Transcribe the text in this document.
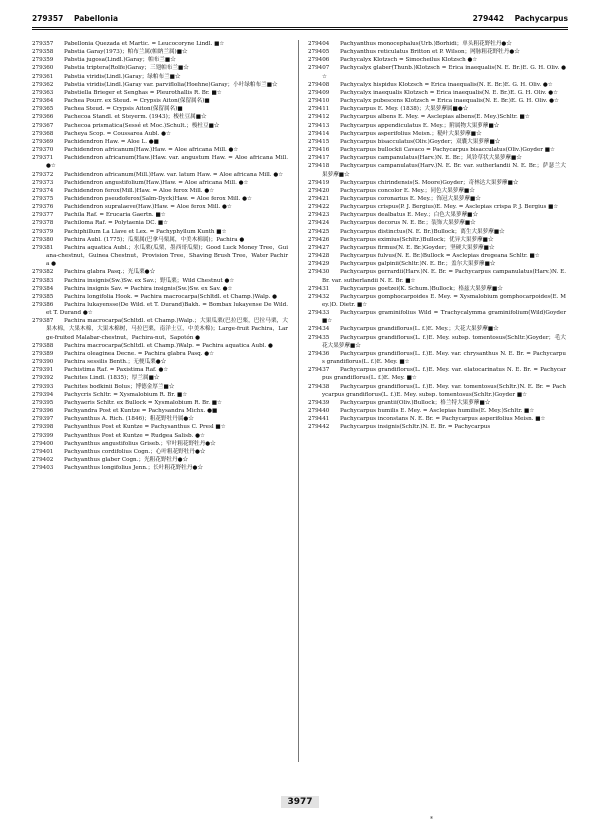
279357 Pabellonia	279442 Pachycarpus
279357 Pabellonia Quezada et Martic. = Leucocoryne Lindl. ■☆
279358 Pabstia Garay(1973)；帕布兰属(帕納兰属)■☆
279359 Pabstia jugosa(Lindl.)Garay；帕布兰■☆
279360 Pabstia triptera(Rolfe)Garay；三翅帕布兰■☆
279361 Pabstia viridis(Lindl.)Garay；绿帕布兰■☆
279362 Pabstia viridis(Lindl.)Garay var. parviflolia(Hoehne)Garay；小叶绿帕布兰■☆
279363 Pabstiella Brieger et Senghas = Pleurothallis R. Br. ■☆
279364 Pachea Pourr. ex Steud. = Crypsis Aiton(保留属名)■
279365 Pachea Steud. = Crypsis Aiton(保留属名)■
279366 Pachecoa Standl. et Steyerm. (1943)；梭杜豆属■☆
279367 Pachecoa prismatica(Sessé et Moc.)Schult.；梭杜豆■☆
279368 Pacheya Scop. = Coussarea Aubl. ●☆
279369 Pachidendron Haw. = Aloe L. ●■
279370 Pachidendron africanum(Haw.)Haw. = Aloe africana Mill. ●☆
279371 Pachidendron africanum(Haw.)Haw. var. angustum Haw. = Aloe africana Mill. ●☆
279372 Pachidendron africanum(Mill.)Haw. var. latum Haw. = Aloe africana Mill. ●☆
279373 Pachidendron angustifolium(Haw.)Haw. = Aloe africana Mill. ●☆
279374 Pachidendron ferox(Mill.)Haw. = Aloe ferox Mill. ●☆
279375 Pachidendron pseudoferox(Salm-Dyck)Haw. = Aloe ferox Mill. ●☆
279376 Pachidendron supralaeve(Haw.)Haw. = Aloe ferox Mill. ●☆
279377 Pachila Raf. = Erucaria Gaertn. ■☆
279378 Pachiloma Raf. = Polytaenia DC. ■☆
279379 Pachiphillum La Llave et Lex. = Pachyphyllum Kunth ■☆
279380 Pachira Aubl. (1775)；瓜栗属(巴拿马栗属，中美木棉属)；Pachira ●
279381 Pachira aquatica Aubl.；水瓜栗(瓜栗，墨西哥瓜栗)；Good Luck Money Tree，Guiana-chestnut，Guinea Chestnut，Provision Tree，Shaving Brush Tree，Water Pachira ●
279382 Pachira glabra Pasq.；光瓜栗●☆
279383 Pachira insignis(Sw.)Sw. ex Sav.；野瓜栗；Wild Chestnut ●☆
279384 Pachira insignis Sav. = Pachira insignis(Sw.)Sw. ex Sav. ●☆
279385 Pachira longifolia Hook. = Pachira macrocarpa(Schltdl. et Champ.)Walp. ●
279386 Pachira lukayensse(De Wild. et T. Durand)Bakh. = Bombax lukayense De Wild. et T. Durand ●☆
279387 Pachira macrocarpa(Schltdl. et Champ.)Walp.；大果瓜栗(巴拉巴栗，巴拉马栗，大果木棉，大果木棉，大果木棉树，马拉巴栗，南洋土豆，中美木棉)；Large-fruit Pachira，Large-fruited Malabar-chestnut，Pachira-nut，Sapotón ●
279388 Pachira macrocarpa(Schltdl. et Champ.)Walp. = Pachira aquatica Aubl. ●
279389 Pachira oleaginea Decne. = Pachira glabra Pasq. ●☆
279390 Pachira sessilis Benth.；无梗瓜栗●☆
279391 Pachistima Raf. = Paxistima Raf. ●☆
279392 Pachites Lindl. (1835)；厚兰属■☆
279393 Pachites bodkinii Bolus；博德金厚兰■☆
279394 Pachycris Schltr. = Xysmalobium R. Br. ■☆
279395 Pachyaeris Schltr. ex Bullock = Xysmalobium R. Br. ■☆
279396 Pachyandra Post et Kuntze = Pachysandra Michx. ●■
279397 Pachyanthus A. Rich. (1846)；粗花野牡丹属●☆
279398 Pachyanthus Post et Kuntze = Pachysanthus C. Presl ■☆
279399 Pachyanthus Post et Kuntze = Rudgea Salisb. ●☆
279400 Pachyanthus angustifolius Griseb.；窄叶粗花野牡丹●☆
279401 Pachyanthus cordifolius Cogn.；心叶粗花野牡丹●☆
279402 Pachyanthus glaber Cogn.；光粗花野牡丹●☆
279403 Pachyanthus longifolius Jenn.；长叶粗花野牡丹●☆
279404 Pachyanthus monocephalus(Urb.)Borhidi；单头粗花野牡丹●☆
279405 Pachyanthus reticulatus Britton et P. Wilson；网脉粗花野牡丹●☆
279406 Pachycalyx Klotzsch = Simocheilus Klotzsch ●☆
279407 Pachycalyx glaber(Thunb.)Klotzsch = Erica inaequalis(N. E. Br.)E. G. H. Oliv. ●☆
279408 Pachycalyx hispidus Klotzsch = Erica inaequalis(N. E. Br.)E. G. H. Oliv. ●☆
279409 Pachycalyx inaequalis Klotzsch = Erica inaequalis(N. E. Br.)E. G. H. Oliv. ●☆
279410 Pachycalyx pubescens Klotzsch = Erica inaequalis(N. E. Br.)E. G. H. Oliv. ●☆
279411 Pachycarpus E. Mey. (1838)；大果萝藦属■●☆
279412 Pachycarpus albens E. Mey. = Asclepias albens(E. Mey.)Schltr. ■☆
279413 Pachycarpus appendiculatus E. Mey.；附属物大果萝藦■☆
279414 Pachycarpus asperifolius Meisn.；糙叶大果萝藦■☆
279415 Pachycarpus bisacculatus(Oliv.)Goyder；双囊大果萝藦■☆
279416 Pachycarpus bullockii Cavaco = Pachycarpus bisacculatus(Oliv.)Goyder ■☆
279417 Pachycarpus campanulatus(Harv.)N. E. Br.；风铃草状大果萝藦■☆
279418 Pachycarpus campanulatus(Harv.)N. E. Br. var. sutherlandii N. E. Br.；萨瑟兰大果萝藦■☆
279419 Pachycarpus chirindensis(S. Moore)Goyder；奇林达大果萝藦■☆
279420 Pachycarpus concolor E. Mey.；同色大果萝藦■☆
279421 Pachycarpus coronarius E. Mey.；饰冠大果萝藦■☆
279422 Pachycarpus crispus(P. J. Bergius)E. Mey. = Asclepias crispa P. J. Bergius ■☆
279423 Pachycarpus dealbatus E. Mey.；白色大果萝藦■☆
279424 Pachycarpus decorus N. E. Br.；装饰大果萝藦■☆
279425 Pachycarpus distinctus(N. E. Br.)Bullock；离生大果萝藦■☆
279426 Pachycarpus eximius(Schltr.)Bullock；优异大果萝藦■☆
279427 Pachycarpus firmus(N. E. Br.)Goyder；坚硬大果萝藦■☆
279428 Pachycarpus fulvus(N. E. Br.)Bullock = Asclepias dregeana Schltr. ■☆
279429 Pachycarpus galpinii(Schltr.)N. E. Br.；盖尔大果萝藦■☆
279430 Pachycarpus gerrardii(Harv.)N. E. Br. = Pachycarpus campanulatus(Harv.)N. E. Br. var. sutherlandii N. E. Br. ■☆
279431 Pachycarpus goetzei(K. Schum.)Bullock；格兹大果萝藦■☆
279432 Pachycarpus gomphocarpoides E. Mey. = Xysmalobium gomphocarpoides(E. Mey.)D. Dietr. ■☆
279433 Pachycarpus graminifolius Wild = Trachycalymma graminifolium(Wild)Goyder ■☆
279434 Pachycarpus grandiflorus(L. f.)E. Mey.；大花大果萝藦■☆
279435 Pachycarpus grandiflorus(L. f.)E. Mey. subsp. tomentosus(Schltr.)Goyder；毛大花大果萝藦■☆
279436 Pachycarpus grandiflorus(L. f.)E. Mey. var. chrysanthus N. E. Br. = Pachycarpus grandiflorus(L. f.)E. Mey. ■☆
279437 Pachycarpus grandiflorus(L. f.)E. Mey. var. elatocarinatus N. E. Br. = Pachycarpus grandiflorus(L. f.)E. Mey. ■☆
279438 Pachycarpus grandiflorus(L. f.)E. Mey. var. tomentosus(Schltr.)N. E. Br. = Pachycarpus grandiflorus(L. f.)E. Mey. subsp. tomentosus(Schltr.)Goyder ■☆
279439 Pachycarpus grantii(Oliv.)Bullock；格兰特大果萝藦■☆
279440 Pachycarpus humilis E. Mey. = Asclepias humilis(E. Mey.)Schltr. ■☆
279441 Pachycarpus inconstans N. E. Br. = Pachycarpus asperifolius Meisn. ■☆
279442 Pachycarpus insignis(Schltr.)N. E. Br. = Pachycarpus
3977
*
